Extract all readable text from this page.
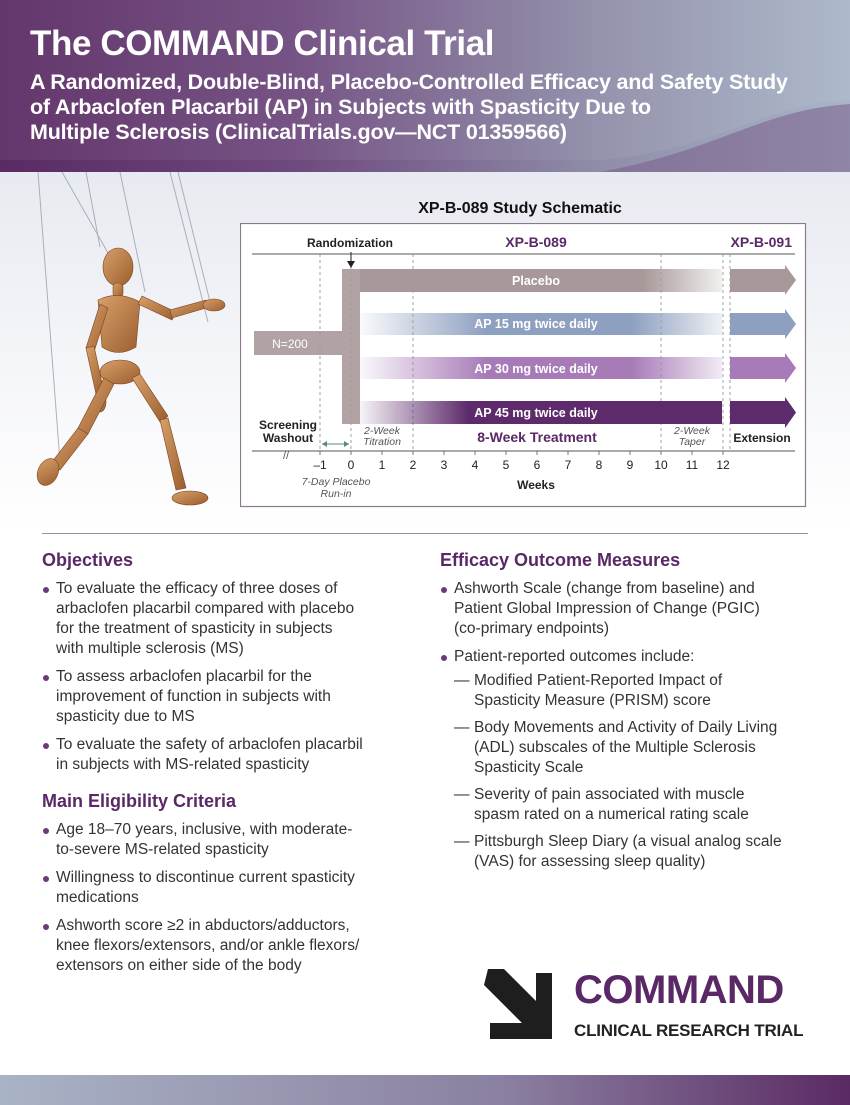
The COMMAND Clinical Trial
A Randomized, Double-Blind, Placebo-Controlled Efficacy and Safety Study
of Arbaclofen Placarbil (AP) in Subjects with Spasticity Due to
Multiple Sclerosis (ClinicalTrials.gov—NCT 01359566)
XP-B-089 Study Schematic
Randomization	XP-B-089	XP-B-091
N=200
Placebo
AP 15 mg twice daily
AP 30 mg twice daily
AP 45 mg twice daily
Screening
Washout	2-Week
Titration	8-Week Treatment	2-Week
Taper Extension
//
–1 0 1 2 3 4 5 6 7 8 9 10 11 12
Weeks
7-Day Placebo
Run-in
Objectives
To evaluate the efficacy of three doses of
arbaclofen placarbil compared with placebo
for the treatment of spasticity in subjects
with multiple sclerosis (MS)
To assess arbaclofen placarbil for the
improvement of function in subjects with
spasticity due to MS
To evaluate the safety of arbaclofen placarbil
in subjects with MS-related spasticity
Main Eligibility Criteria
Age 18–70 years, inclusive, with moderate-
to-severe MS-related spasticity
Willingness to discontinue current spasticity
medications
Ashworth score ≥2 in abductors/adductors,
knee flexors/extensors, and/or ankle flexors/
extensors on either side of the body
Efficacy Outcome Measures
Ashworth Scale (change from baseline) and
Patient Global Impression of Change (PGIC)
(co-primary endpoints)
Patient-reported outcomes include:
— Modified Patient-Reported Impact of
Spasticity Measure (PRISM) score
— Body Movements and Activity of Daily Living
(ADL) subscales of the Multiple Sclerosis
Spasticity Scale
— Severity of pain associated with muscle
spasm rated on a numerical rating scale
— Pittsburgh Sleep Diary (a visual analog scale
(VAS) for assessing sleep quality)
COMMAND
CLINICAL RESEARCH TRIAL
